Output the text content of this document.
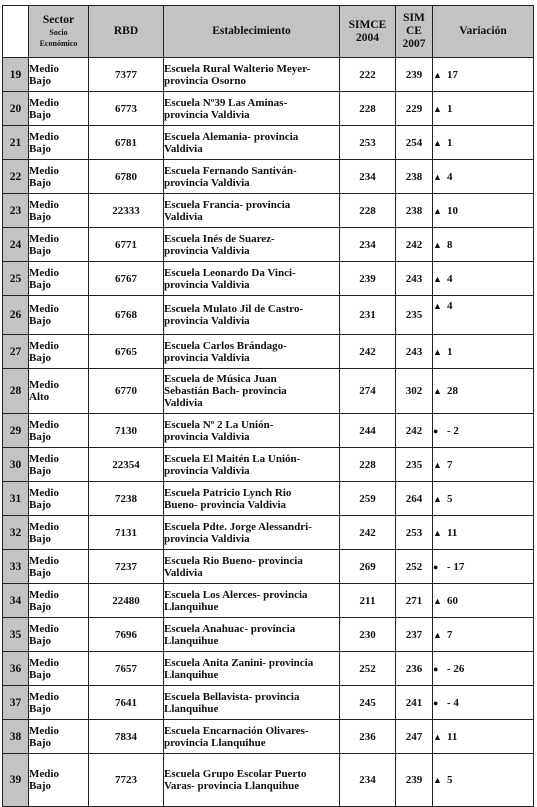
	Sector
Socio
Económico	RBD	Establecimiento	SIMCE
2004	SIM
CE
2007	Variación
19	Medio
Bajo	7377	Escuela Rural Walterio Meyer-
provincia Osorno	222	239	▲ 17
20	Medio
Bajo	6773	Escuela Nº39 Las Aminas-
provincia Valdivia	228	229	▲ 1
21	Medio
Bajo	6781	Escuela Alemania- provincia
Valdivia	253	254	▲ 1
22	Medio
Bajo	6780	Escuela Fernando Santiván-
provincia Valdivia	234	238	▲ 4
23	Medio
Bajo	22333	Escuela Francia- provincia
Valdivia	228	238	▲ 10
24	Medio
Bajo	6771	Escuela Inés de Suarez-
provincia Valdivia	234	242	▲ 8
25	Medio
Bajo	6767	Escuela Leonardo Da Vinci-
provincia Valdivia	239	243	▲ 4
26	Medio
Bajo	6768	Escuela Mulato Jil de Castro-
provincia Valdivia	231	235	▲ 4
27	Medio
Bajo	6765	Escuela Carlos Brándago-
provincia Valdivia	242	243	▲ 1
28	Medio
Alto	6770	Escuela de Música Juan
Sebastián Bach- provincia
Valdivia	274	302	▲ 28
29	Medio
Bajo	7130	Escuela Nº 2 La Unión-
provincia Valdivia	244	242	● - 2
30	Medio
Bajo	22354	Escuela El Maitén La Unión-
provincia Valdivia	228	235	▲ 7
31	Medio
Bajo	7238	Escuela Patricio Lynch Rio
Bueno- provincia Valdivia	259	264	▲ 5
32	Medio
Bajo	7131	Escuela Pdte. Jorge Alessandri-
provincia Valdivia	242	253	▲ 11
33	Medio
Bajo	7237	Escuela Rio Bueno- provincia
Valdivia	269	252	● - 17
34	Medio
Bajo	22480	Escuela Los Alerces- provincia
Llanquihue	211	271	▲ 60
35	Medio
Bajo	7696	Escuela Anahuac- provincia
Llanquihue	230	237	▲ 7
36	Medio
Bajo	7657	Escuela Anita Zanini- provincia
Llanquihue	252	236	● - 26
37	Medio
Bajo	7641	Escuela Bellavista- provincia
Llanquihue	245	241	● - 4
38	Medio
Bajo	7834	Escuela Encarnación Olivares-
provincia Llanquihue	236	247	▲ 11
39	Medio
Bajo	7723	Escuela Grupo Escolar Puerto
Varas- provincia Llanquihue	234	239	▲ 5
